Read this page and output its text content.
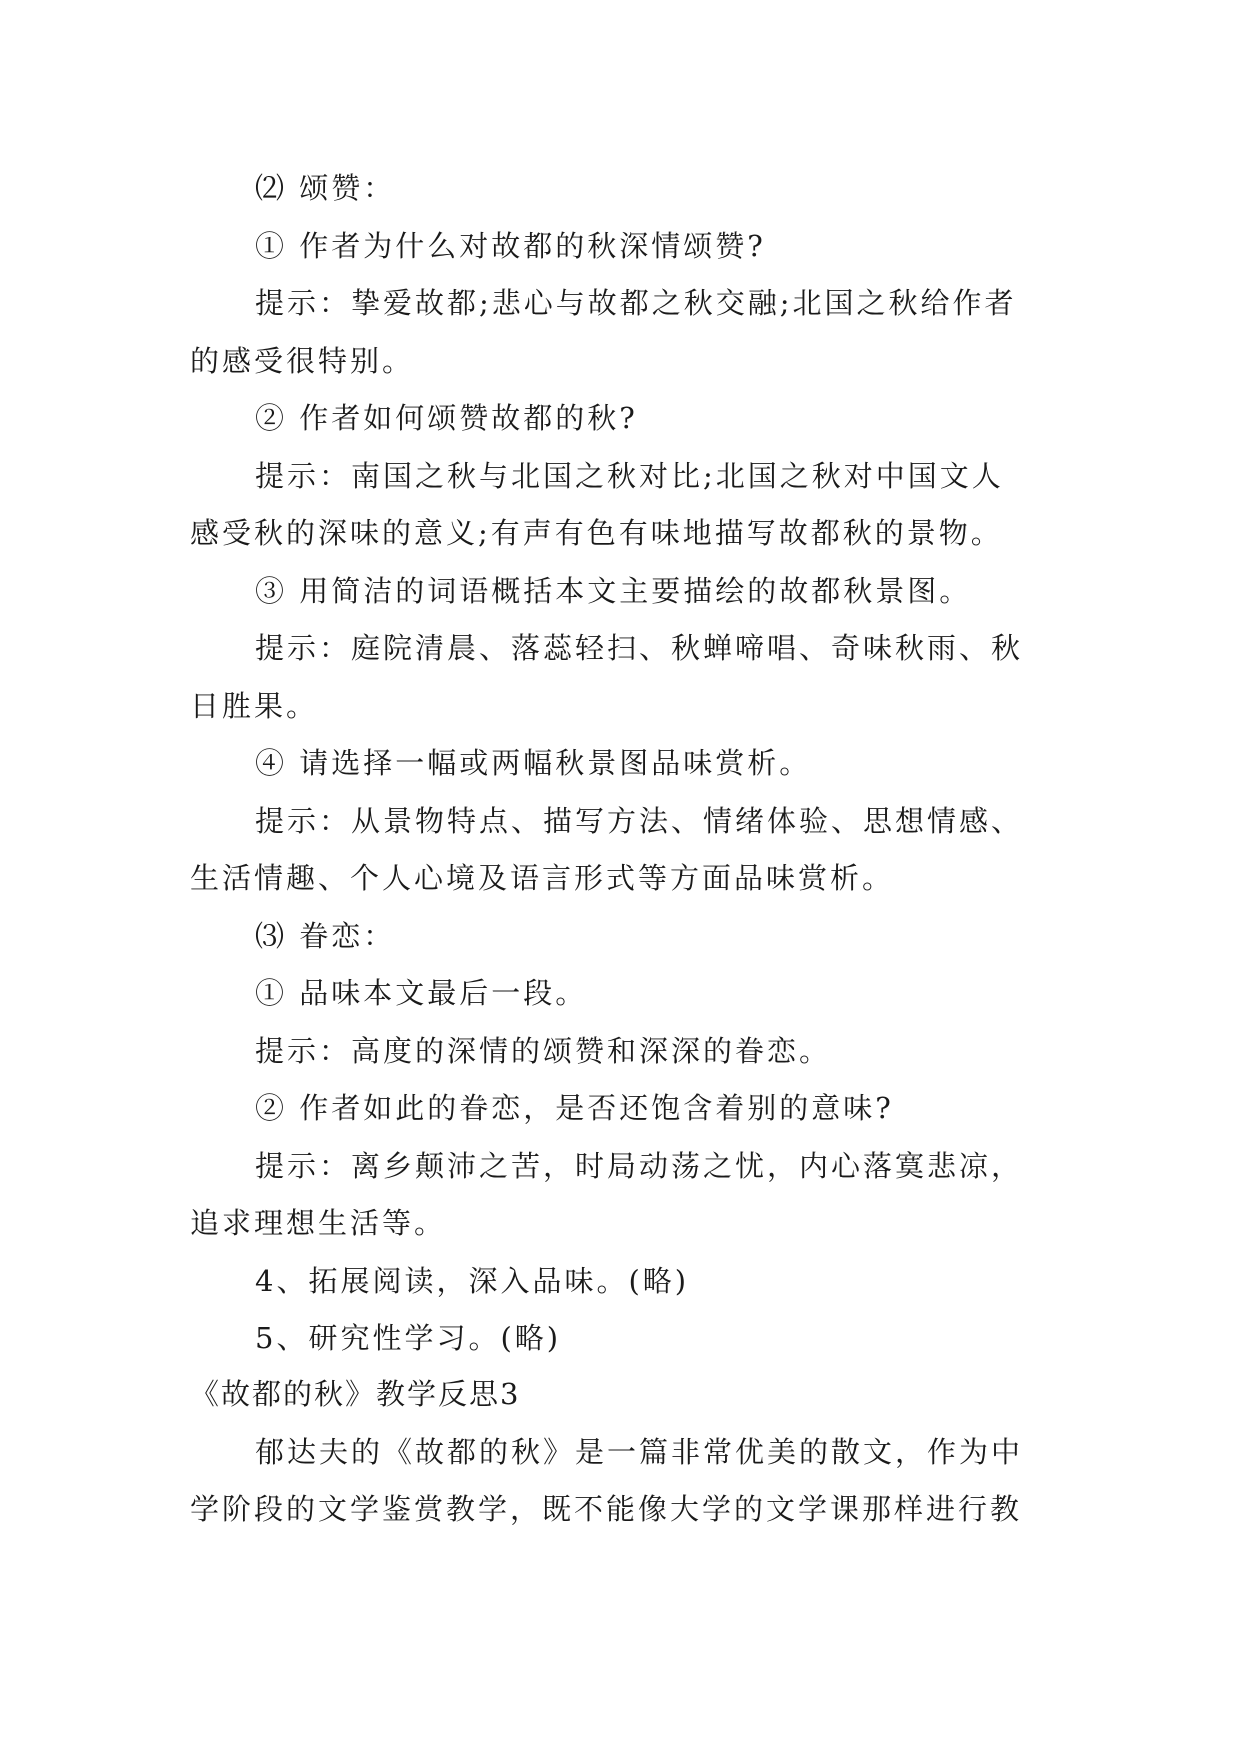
⑵ 颂赞：
① 作者为什么对故都的秋深情颂赞?
提示：挚爱故都;悲心与故都之秋交融;北国之秋给作者
的感受很特别。
② 作者如何颂赞故都的秋?
提示：南国之秋与北国之秋对比;北国之秋对中国文人
感受秋的深味的意义;有声有色有味地描写故都秋的景物。
③ 用简洁的词语概括本文主要描绘的故都秋景图。
提示：庭院清晨、落蕊轻扫、秋蝉啼唱、奇味秋雨、秋
日胜果。
④ 请选择一幅或两幅秋景图品味赏析。
提示：从景物特点、描写方法、情绪体验、思想情感、
生活情趣、个人心境及语言形式等方面品味赏析。
⑶ 眷恋：
① 品味本文最后一段。
提示：高度的深情的颂赞和深深的眷恋。
② 作者如此的眷恋，是否还饱含着别的意味?
提示：离乡颠沛之苦，时局动荡之忧，内心落寞悲凉，
追求理想生活等。
4、拓展阅读，深入品味。(略)
5、研究性学习。(略)
《故都的秋》教学反思3
郁达夫的《故都的秋》是一篇非常优美的散文，作为中
学阶段的文学鉴赏教学，既不能像大学的文学课那样进行教
